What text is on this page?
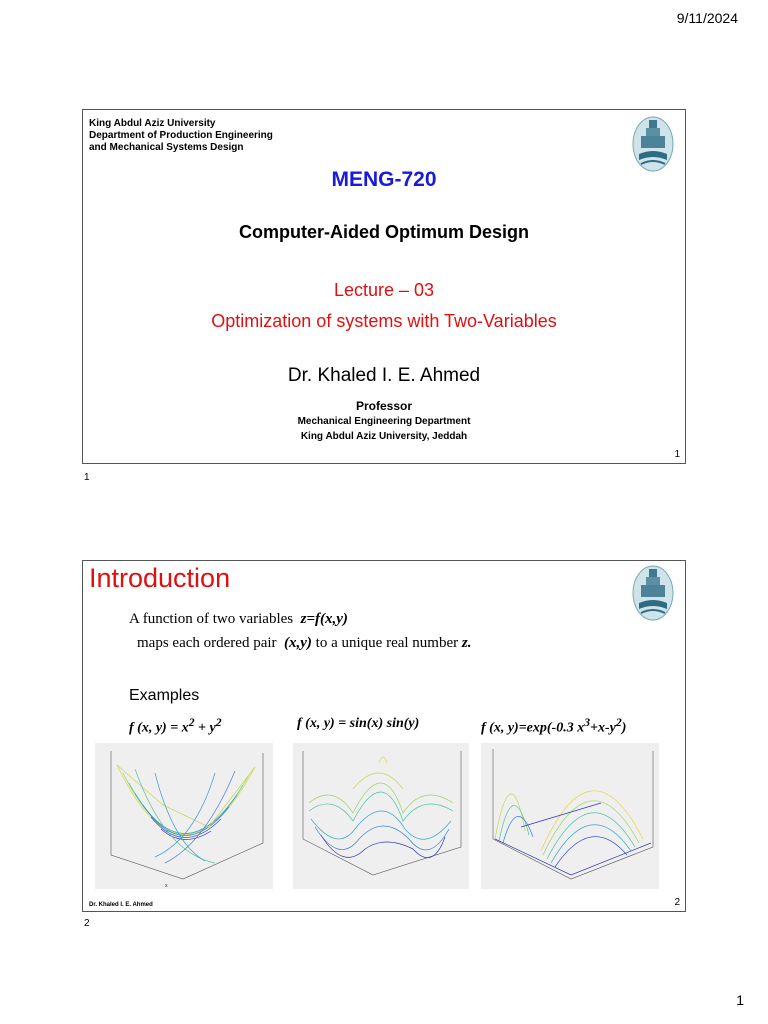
9/11/2024
King Abdul Aziz University
Department of Production Engineering
and Mechanical Systems Design
MENG-720
Computer-Aided Optimum Design
Lecture – 03
Optimization of systems with Two-Variables
Dr. Khaled I. E. Ahmed
Professor
Mechanical Engineering Department
King Abdul Aziz University, Jeddah
1
1
Introduction
A function of two variables z=f(x,y)
maps each ordered pair (x,y) to a unique real number z.
Examples
f (x, $y) = x^2 + y^2$	f (x, y) = sin(x) sin(y)	f (x, y)=exp(-0.3 $x^3+x-y^2$)
x
Dr. Khaled I. E. Ahmed	2
2
1
